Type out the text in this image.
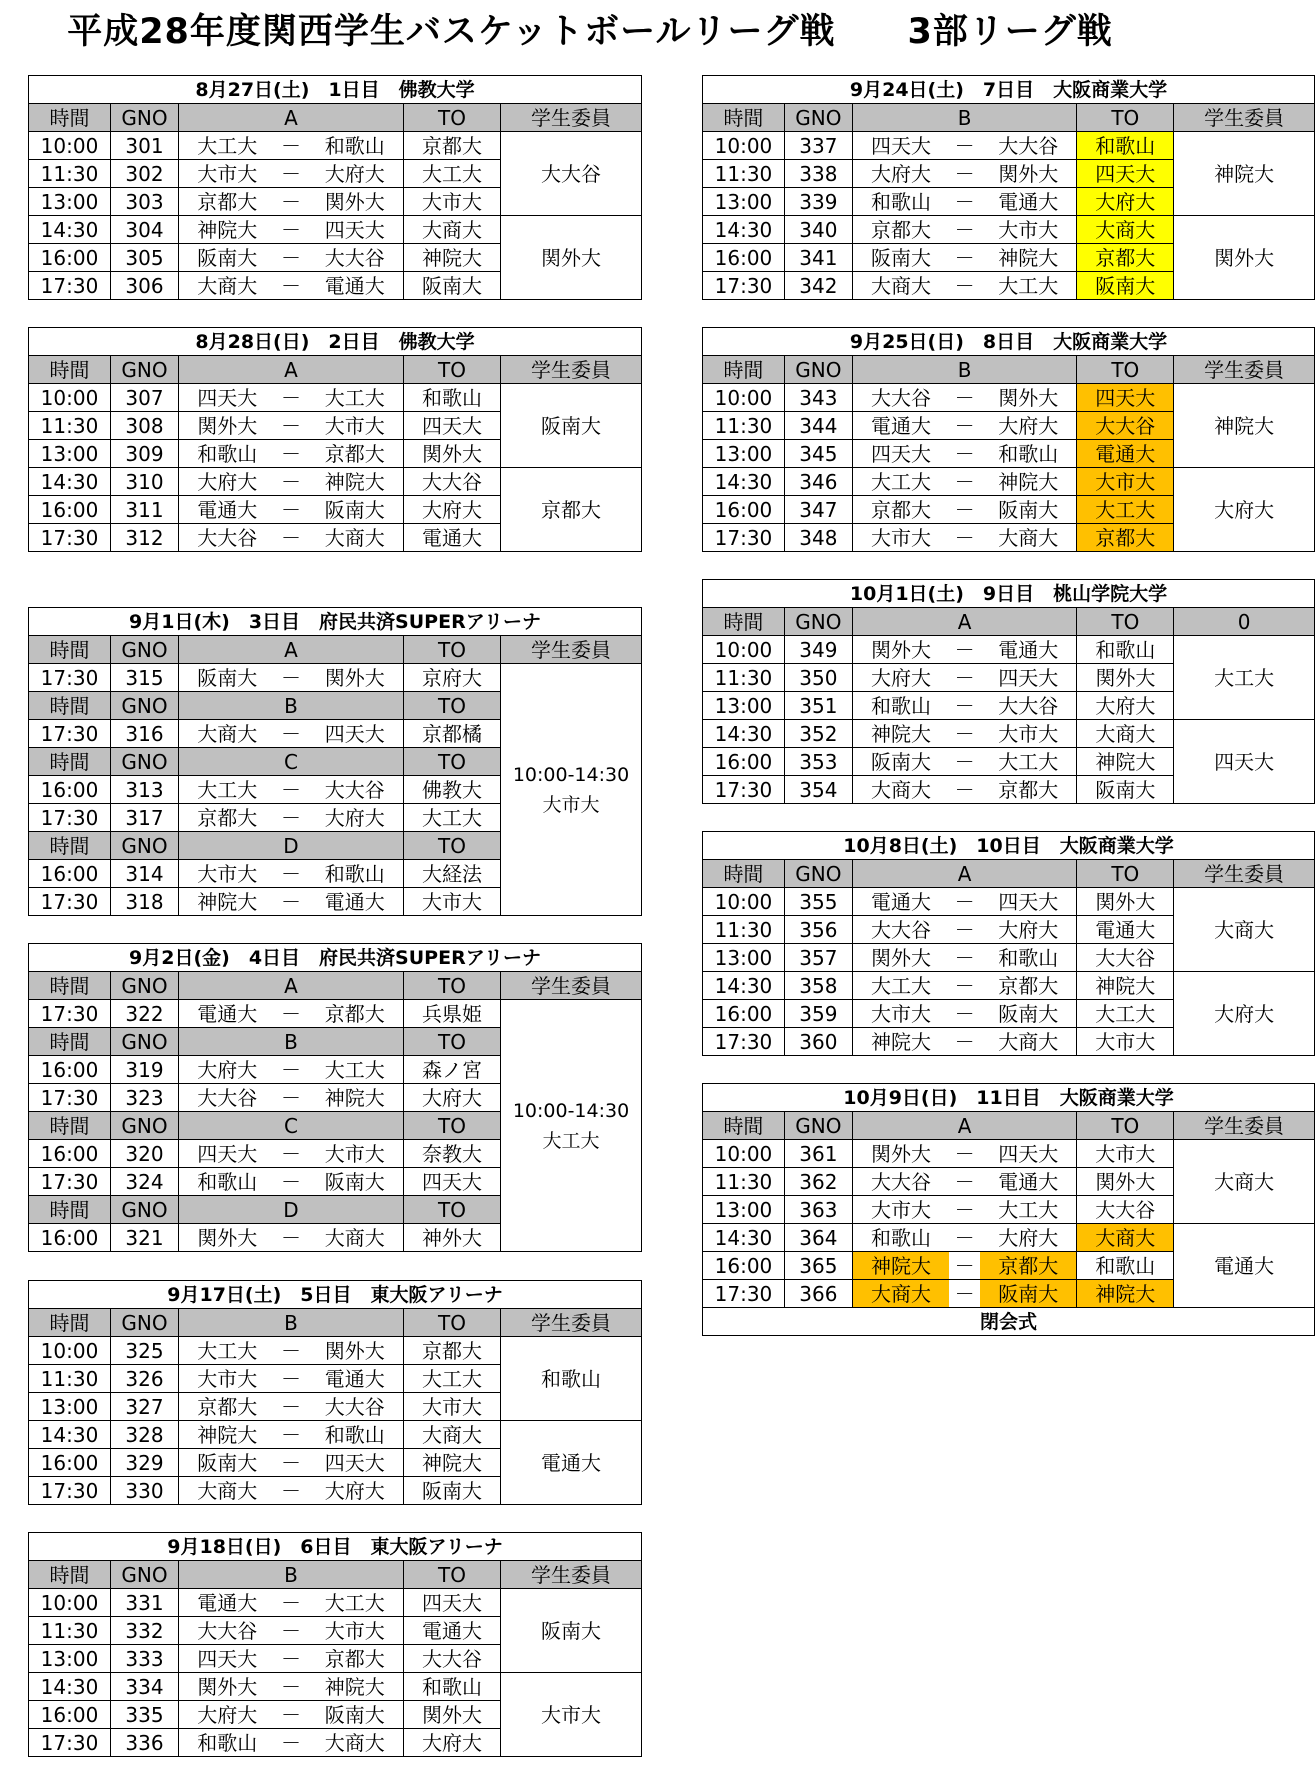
平成28年度関西学生バスケットボールリーグ戦　　3部リーグ戦
8月27日(土)　1日目　佛教大学						
時間	GNO	A			TO	学生委員
10:00	301	大工大	－	和歌山	京都大	大大谷
11:30	302	大市大	－	大府大	大工大	
13:00	303	京都大	－	関外大	大市大	
14:30	304	神院大	－	四天大	大商大	関外大
16:00	305	阪南大	－	大大谷	神院大	
17:30	306	大商大	－	電通大	阪南大	
8月28日(日)　2日目　佛教大学						
時間	GNO	A			TO	学生委員
10:00	307	四天大	－	大工大	和歌山	阪南大
11:30	308	関外大	－	大市大	四天大	
13:00	309	和歌山	－	京都大	関外大	
14:30	310	大府大	－	神院大	大大谷	京都大
16:00	311	電通大	－	阪南大	大府大	
17:30	312	大大谷	－	大商大	電通大	
9月1日(木)　3日目　府民共済SUPERアリーナ						
時間	GNO	A			TO	学生委員
17:30	315	阪南大	－	関外大	京府大	10:00-14:30
大市大

時間	GNO	B			TO	
17:30	316	大商大	－	四天大	京都橘	
時間	GNO	C			TO	
16:00	313	大工大	－	大大谷	佛教大	
17:30	317	京都大	－	大府大	大工大	
時間	GNO	D			TO	
16:00	314	大市大	－	和歌山	大経法	
17:30	318	神院大	－	電通大	大市大	
9月2日(金)　4日目　府民共済SUPERアリーナ						
時間	GNO	A			TO	学生委員
17:30	322	電通大	－	京都大	兵県姫	10:00-14:30
大工大

時間	GNO	B			TO	
16:00	319	大府大	－	大工大	森ノ宮	
17:30	323	大大谷	－	神院大	大府大	
時間	GNO	C			TO	
16:00	320	四天大	－	大市大	奈教大	
17:30	324	和歌山	－	阪南大	四天大	
時間	GNO	D			TO	
16:00	321	関外大	－	大商大	神外大	
9月17日(土)　5日目　東大阪アリーナ						
時間	GNO	B			TO	学生委員
10:00	325	大工大	－	関外大	京都大	和歌山
11:30	326	大市大	－	電通大	大工大	
13:00	327	京都大	－	大大谷	大市大	
14:30	328	神院大	－	和歌山	大商大	電通大
16:00	329	阪南大	－	四天大	神院大	
17:30	330	大商大	－	大府大	阪南大	
9月18日(日)　6日目　東大阪アリーナ						
時間	GNO	B			TO	学生委員
10:00	331	電通大	－	大工大	四天大	阪南大
11:30	332	大大谷	－	大市大	電通大	
13:00	333	四天大	－	京都大	大大谷	
14:30	334	関外大	－	神院大	和歌山	大市大
16:00	335	大府大	－	阪南大	関外大	
17:30	336	和歌山	－	大商大	大府大	
9月24日(土)　7日目　大阪商業大学						
時間	GNO	B			TO	学生委員
10:00	337	四天大	－	大大谷	和歌山	神院大
11:30	338	大府大	－	関外大	四天大	
13:00	339	和歌山	－	電通大	大府大	
14:30	340	京都大	－	大市大	大商大	関外大
16:00	341	阪南大	－	神院大	京都大	
17:30	342	大商大	－	大工大	阪南大	
9月25日(日)　8日目　大阪商業大学						
時間	GNO	B			TO	学生委員
10:00	343	大大谷	－	関外大	四天大	神院大
11:30	344	電通大	－	大府大	大大谷	
13:00	345	四天大	－	和歌山	電通大	
14:30	346	大工大	－	神院大	大市大	大府大
16:00	347	京都大	－	阪南大	大工大	
17:30	348	大市大	－	大商大	京都大	
10月1日(土)　9日目　桃山学院大学						
時間	GNO	A			TO	0
10:00	349	関外大	－	電通大	和歌山	大工大
11:30	350	大府大	－	四天大	関外大	
13:00	351	和歌山	－	大大谷	大府大	
14:30	352	神院大	－	大市大	大商大	四天大
16:00	353	阪南大	－	大工大	神院大	
17:30	354	大商大	－	京都大	阪南大	
10月8日(土)　10日目　大阪商業大学						
時間	GNO	A			TO	学生委員
10:00	355	電通大	－	四天大	関外大	大商大
11:30	356	大大谷	－	大府大	電通大	
13:00	357	関外大	－	和歌山	大大谷	
14:30	358	大工大	－	京都大	神院大	大府大
16:00	359	大市大	－	阪南大	大工大	
17:30	360	神院大	－	大商大	大市大	
10月9日(日)　11日目　大阪商業大学						
時間	GNO	A			TO	学生委員
10:00	361	関外大	－	四天大	大市大	大商大
11:30	362	大大谷	－	電通大	関外大	
13:00	363	大市大	－	大工大	大大谷	
14:30	364	和歌山	－	大府大	大商大	電通大
16:00	365	神院大	－	京都大	和歌山	
17:30	366	大商大	－	阪南大	神院大	
閉会式						
